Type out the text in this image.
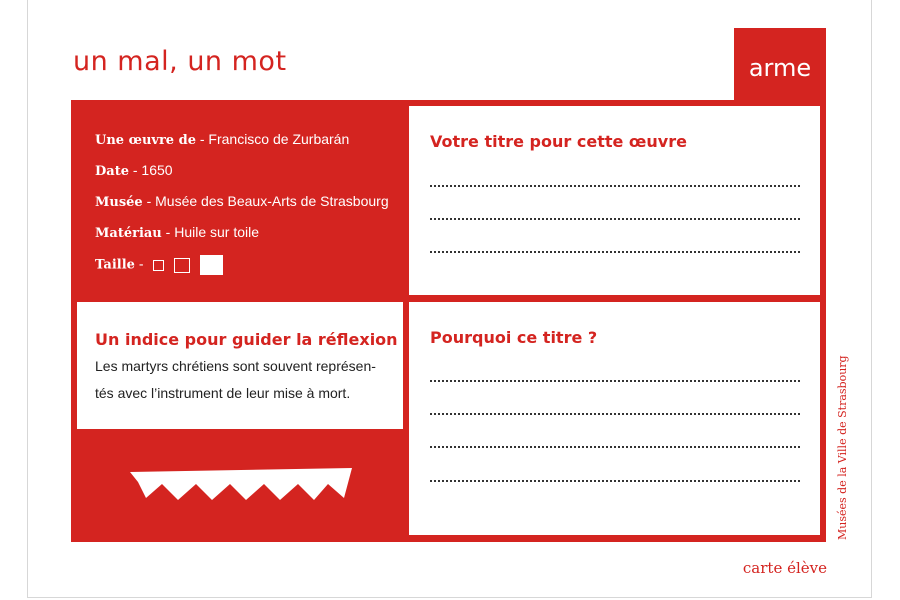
un mal, un mot	arme
Une œuvre de - Francisco de Zurbarán
Date - 1650
Musée - Musée des Beaux-Arts de Strasbourg
Matériau - Huile sur toile
Taille -
Votre titre pour cette œuvre
Un indice pour guider la réflexion
Les martyrs chrétiens sont souvent représen-
tés avec l’instrument de leur mise à mort.
Pourquoi ce titre ?
Musées de la Ville de Strasbourg
carte élève
